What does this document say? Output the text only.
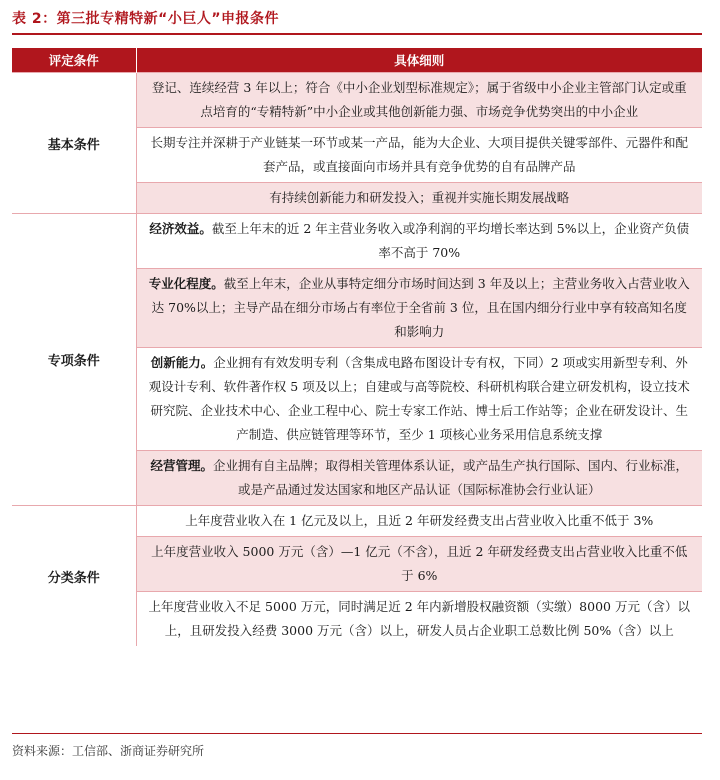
表 2：第三批专精特新“小巨人”申报条件
评定条件	具体细则
基本条件	登记、连续经营 3 年以上；符合《中小企业划型标准规定》；属于省级中小企业主管部门认定或重点培育的“专精特新”中小企业或其他创新能力强、市场竞争优势突出的中小企业
	长期专注并深耕于产业链某一环节或某一产品，能为大企业、大项目提供关键零部件、元器件和配套产品，或直接面向市场并具有竞争优势的自有品牌产品
	有持续创新能力和研发投入；重视并实施长期发展战略
专项条件	经济效益。截至上年末的近 2 年主营业务收入或净利润的平均增长率达到 5%以上，企业资产负债率不高于 70%
	专业化程度。截至上年末，企业从事特定细分市场时间达到 3 年及以上；主营业务收入占营业收入达 70%以上；主导产品在细分市场占有率位于全省前 3 位，且在国内细分行业中享有较高知名度和影响力
	创新能力。企业拥有有效发明专利（含集成电路布图设计专有权，下同）2 项或实用新型专利、外观设计专利、软件著作权 5 项及以上；自建或与高等院校、科研机构联合建立研发机构，设立技术研究院、企业技术中心、企业工程中心、院士专家工作站、博士后工作站等；企业在研发设计、生产制造、供应链管理等环节，至少 1 项核心业务采用信息系统支撑
	经营管理。企业拥有自主品牌；取得相关管理体系认证，或产品生产执行国际、国内、行业标准，或是产品通过发达国家和地区产品认证（国际标准协会行业认证）
分类条件	上年度营业收入在 1 亿元及以上，且近 2 年研发经费支出占营业收入比重不低于 3%
	上年度营业收入 5000 万元（含）—1 亿元（不含），且近 2 年研发经费支出占营业收入比重不低于 6%
	上年度营业收入不足 5000 万元，同时满足近 2 年内新增股权融资额（实缴）8000 万元（含）以上，且研发投入经费 3000 万元（含）以上，研发人员占企业职工总数比例 50%（含）以上
资料来源：工信部、浙商证券研究所
